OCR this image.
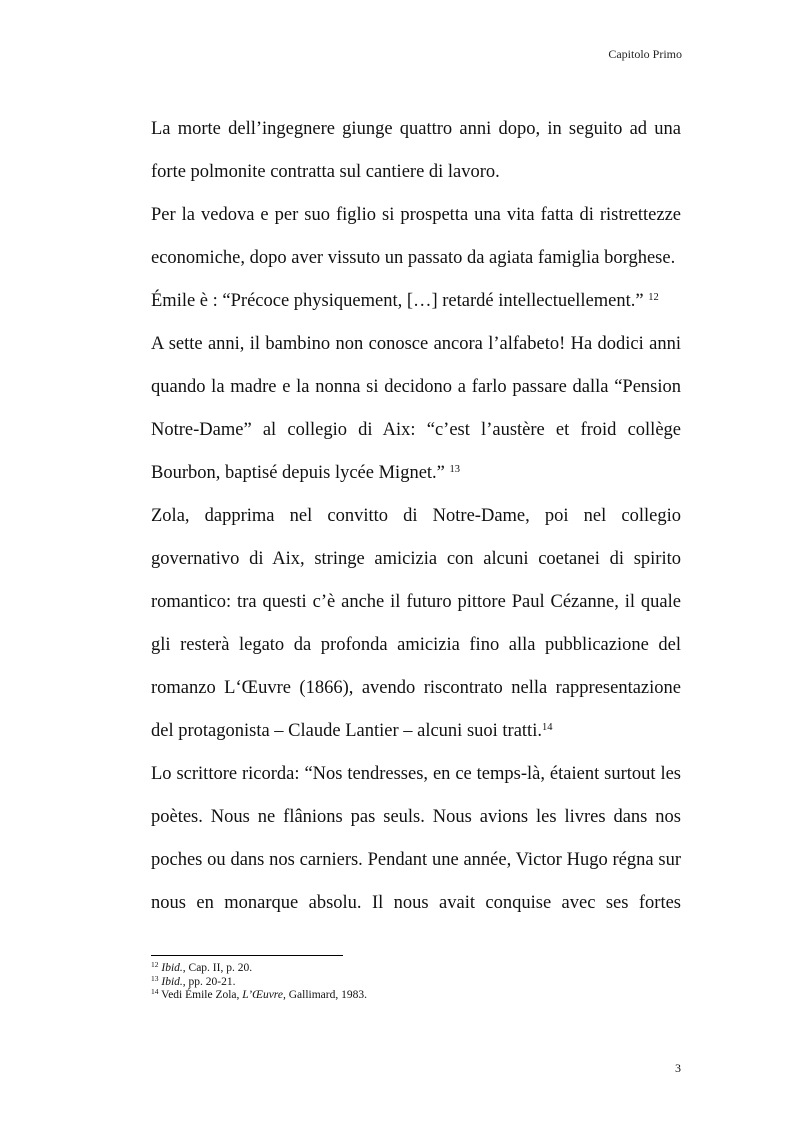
Capitolo Primo

La morte dell’ingegnere giunge quattro anni dopo, in seguito ad una forte polmonite contratta sul cantiere di lavoro.

Per la vedova e per suo figlio si prospetta una vita fatta di ristrettezze economiche, dopo aver vissuto un passato da agiata famiglia borghese.

Émile è : “Précoce physiquement, […] retardé intellectuellement.” $^{12}$

A sette anni, il bambino non conosce ancora l’alfabeto! Ha dodici anni quando la madre e la nonna si decidono a farlo passare dalla “Pension Notre-Dame” al collegio di Aix: “c’est l’austère et froid collège Bourbon, baptisé depuis lycée Mignet.” $^{13}$

Zola, dapprima nel convitto di Notre-Dame, poi nel collegio governativo di Aix, stringe amicizia con alcuni coetanei di spirito romantico: tra questi c’è anche il futuro pittore Paul Cézanne, il quale gli resterà legato da profonda amicizia fino alla pubblicazione del romanzo L‘Œuvre (1866), avendo riscontrato nella rappresentazione del protagonista – Claude Lantier – alcuni suoi tratti.$^{14}$

Lo scrittore ricorda: “Nos tendresses, en ce temps-là, étaient surtout les poètes. Nous ne flânions pas seuls. Nous avions les livres dans nos poches ou dans nos carniers. Pendant une année, Victor Hugo régna sur nous en monarque absolu. Il nous avait conquise avec ses fortes

$^{12}$ Ibid., Cap. II, p. 20.
$^{13}$ Ibid., pp. 20-21.
$^{14}$ Vedi Émile Zola, L’Œuvre, Gallimard, 1983.
3
